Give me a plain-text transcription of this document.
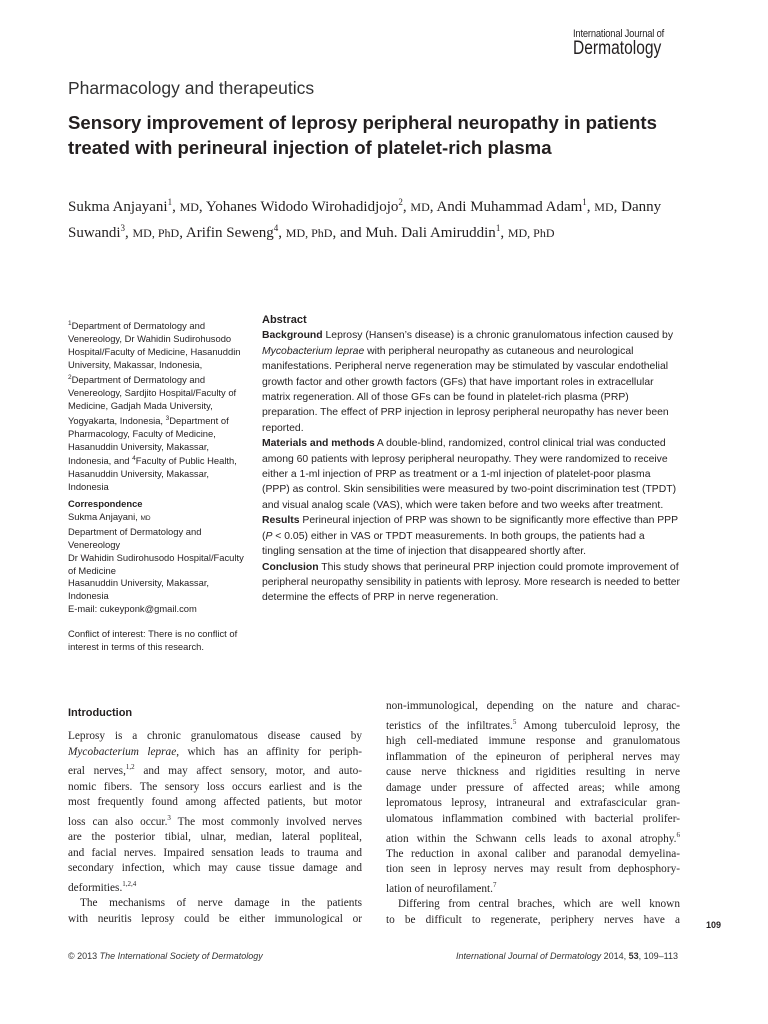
International Journal of
Dermatology
Pharmacology and therapeutics
Sensory improvement of leprosy peripheral neuropathy in patients treated with perineural injection of platelet-rich plasma
Sukma Anjayani$^1$, MD, Yohanes Widodo Wirohadidjojo$^2$, MD, Andi Muhammad Adam$^1$, MD, Danny Suwandi$^3$, MD, PhD, Arifin Seweng$^4$, MD, PhD, and Muh. Dali Amiruddin$^1$, MD, PhD
$^1$Department of Dermatology and Venereology, Dr Wahidin Sudirohusodo Hospital/Faculty of Medicine, Hasanuddin University, Makassar, Indonesia, $^2$Department of Dermatology and Venereology, Sardjito Hospital/Faculty of Medicine, Gadjah Mada University, Yogyakarta, Indonesia, $^3$Department of Pharmacology, Faculty of Medicine, Hasanuddin University, Makassar, Indonesia, and $^4$Faculty of Public Health, Hasanuddin University, Makassar, Indonesia
Correspondence
Sukma Anjayani, MD
Department of Dermatology and
Venereology
Dr Wahidin Sudirohusodo Hospital/Faculty
of Medicine
Hasanuddin University, Makassar,
Indonesia
E-mail: cukeyponk@gmail.com
Conflict of interest: There is no conflict of interest in terms of this research.
Abstract
Background Leprosy (Hansen’s disease) is a chronic granulomatous infection caused by
Mycobacterium leprae with peripheral neuropathy as cutaneous and neurological
manifestations. Peripheral nerve regeneration may be stimulated by vascular endothelial
growth factor and other growth factors (GFs) that have important roles in extracellular
matrix regeneration. All of those GFs can be found in platelet-rich plasma (PRP)
preparation. The effect of PRP injection in leprosy peripheral neuropathy has never been
reported.
Materials and methods A double-blind, randomized, control clinical trial was conducted
among 60 patients with leprosy peripheral neuropathy. They were randomized to receive
either a 1-ml injection of PRP as treatment or a 1-ml injection of platelet-poor plasma
(PPP) as control. Skin sensibilities were measured by two-point discrimination test (TPDT)
and visual analog scale (VAS), which were taken before and two weeks after treatment.
Results Perineural injection of PRP was shown to be significantly more effective than PPP
(P < 0.05) either in VAS or TPDT measurements. In both groups, the patients had a
tingling sensation at the time of injection that disappeared shortly after.
Conclusion This study shows that perineural PRP injection could promote improvement of
peripheral neuropathy sensibility in patients with leprosy. More research is needed to better
determine the effects of PRP in nerve regeneration.
Introduction
Leprosy is a chronic granulomatous disease caused by
Mycobacterium leprae, which has an affinity for periph-
eral nerves,$^{1,2}$ and may affect sensory, motor, and auto-
nomic fibers. The sensory loss occurs earliest and is the
most frequently found among affected patients, but motor
loss can also occur.$^3$ The most commonly involved nerves
are the posterior tibial, ulnar, median, lateral popliteal,
and facial nerves. Impaired sensation leads to trauma and
secondary infection, which may cause tissue damage and
deformities.$^{1,2,4}$
The mechanisms of nerve damage in the patients
with neuritis leprosy could be either immunological or
non-immunological, depending on the nature and charac-
teristics of the infiltrates.$^5$ Among tuberculoid leprosy, the
high cell-mediated immune response and granulomatous
inflammation of the epineuron of peripheral nerves may
cause nerve thickness and rigidities resulting in nerve
damage under pressure of affected areas; while among
lepromatous leprosy, intraneural and extrafascicular gran-
ulomatous inflammation combined with bacterial prolifer-
ation within the Schwann cells leads to axonal atrophy.$^6$
The reduction in axonal caliber and paranodal demyelina-
tion seen in leprosy nerves may result from dephosphory-
lation of neurofilament.$^7$
Differing from central braches, which are well known
to be difficult to regenerate, periphery nerves have a	109
© 2013 The International Society of Dermatology	International Journal of Dermatology 2014, 53, 109–113
